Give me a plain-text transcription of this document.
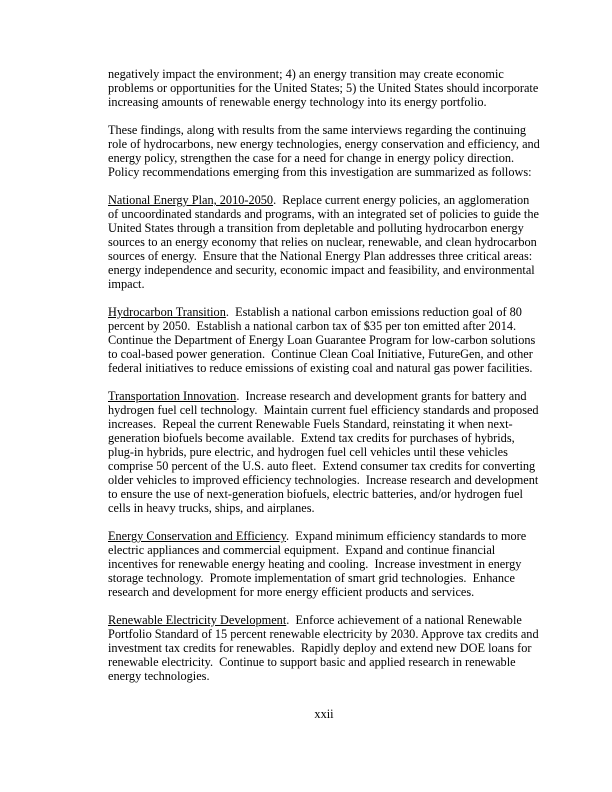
negatively impact the environment; 4) an energy transition may create economic problems or opportunities for the United States; 5) the United States should incorporate increasing amounts of renewable energy technology into its energy portfolio.

These findings, along with results from the same interviews regarding the continuing role of hydrocarbons, new energy technologies, energy conservation and efficiency, and energy policy, strengthen the case for a need for change in energy policy direction.  Policy recommendations emerging from this investigation are summarized as follows:

National Energy Plan, 2010-2050.  Replace current energy policies, an agglomeration of uncoordinated standards and programs, with an integrated set of policies to guide the United States through a transition from depletable and polluting hydrocarbon energy sources to an energy economy that relies on nuclear, renewable, and clean hydrocarbon sources of energy.  Ensure that the National Energy Plan addresses three critical areas: energy independence and security, economic impact and feasibility, and environmental impact.

Hydrocarbon Transition.  Establish a national carbon emissions reduction goal of 80 percent by 2050.  Establish a national carbon tax of $35 per ton emitted after 2014.  Continue the Department of Energy Loan Guarantee Program for low-carbon solutions to coal-based power generation.  Continue Clean Coal Initiative, FutureGen, and other federal initiatives to reduce emissions of existing coal and natural gas power facilities.

Transportation Innovation.  Increase research and development grants for battery and hydrogen fuel cell technology.  Maintain current fuel efficiency standards and proposed increases.  Repeal the current Renewable Fuels Standard, reinstating it when next-generation biofuels become available.  Extend tax credits for purchases of hybrids, plug-in hybrids, pure electric, and hydrogen fuel cell vehicles until these vehicles comprise 50 percent of the U.S. auto fleet.  Extend consumer tax credits for converting older vehicles to improved efficiency technologies.  Increase research and development to ensure the use of next-generation biofuels, electric batteries, and/or hydrogen fuel cells in heavy trucks, ships, and airplanes.

Energy Conservation and Efficiency.  Expand minimum efficiency standards to more electric appliances and commercial equipment.  Expand and continue financial incentives for renewable energy heating and cooling.  Increase investment in energy storage technology.  Promote implementation of smart grid technologies.  Enhance research and development for more energy efficient products and services.

Renewable Electricity Development.  Enforce achievement of a national Renewable Portfolio Standard of 15 percent renewable electricity by 2030. Approve tax credits and investment tax credits for renewables.  Rapidly deploy and extend new DOE loans for renewable electricity.  Continue to support basic and applied research in renewable energy technologies.

xxii
